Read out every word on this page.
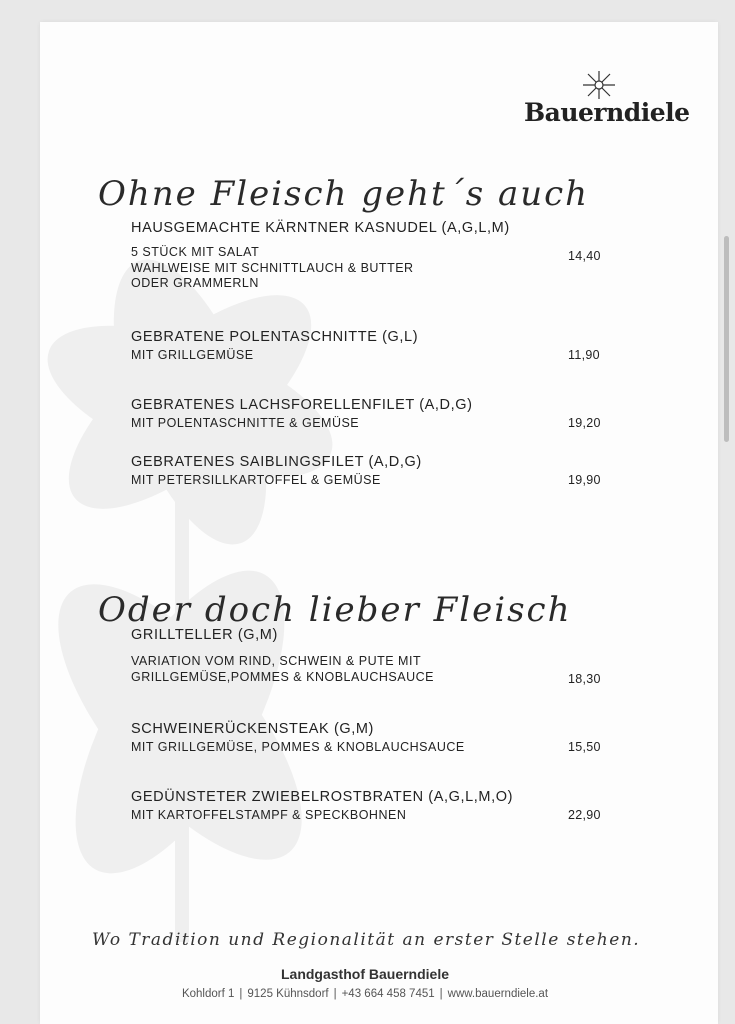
Bauerndiele
Ohne Fleisch geht´s auch
HAUSGEMACHTE KÄRNTNER KASNUDEL (A,G,L,M)
5 STÜCK MIT SALAT
WAHLWEISE MIT SCHNITTLAUCH & BUTTER
ODER GRAMMERLN
14,40
GEBRATENE POLENTASCHNITTE (G,L)
MIT GRILLGEMÜSE	11,90
GEBRATENES LACHSFORELLENFILET (A,D,G)
MIT POLENTASCHNITTE & GEMÜSE	19,20
GEBRATENES SAIBLINGSFILET (A,D,G)
MIT PETERSILLKARTOFFEL & GEMÜSE	19,90
Oder doch lieber Fleisch
GRILLTELLER (G,M)
VARIATION VOM RIND, SCHWEIN & PUTE MIT
GRILLGEMÜSE,POMMES & KNOBLAUCHSAUCE	18,30
SCHWEINERÜCKENSTEAK (G,M)
MIT GRILLGEMÜSE, POMMES & KNOBLAUCHSAUCE	15,50
GEDÜNSTETER ZWIEBELROSTBRATEN (A,G,L,M,O)
MIT KARTOFFELSTAMPF & SPECKBOHNEN	22,90
Wo Tradition und Regionalität an erster Stelle stehen.
Landgasthof Bauerndiele
Kohldorf 1 | 9125 Kühnsdorf | +43 664 458 7451 | www.bauerndiele.at
